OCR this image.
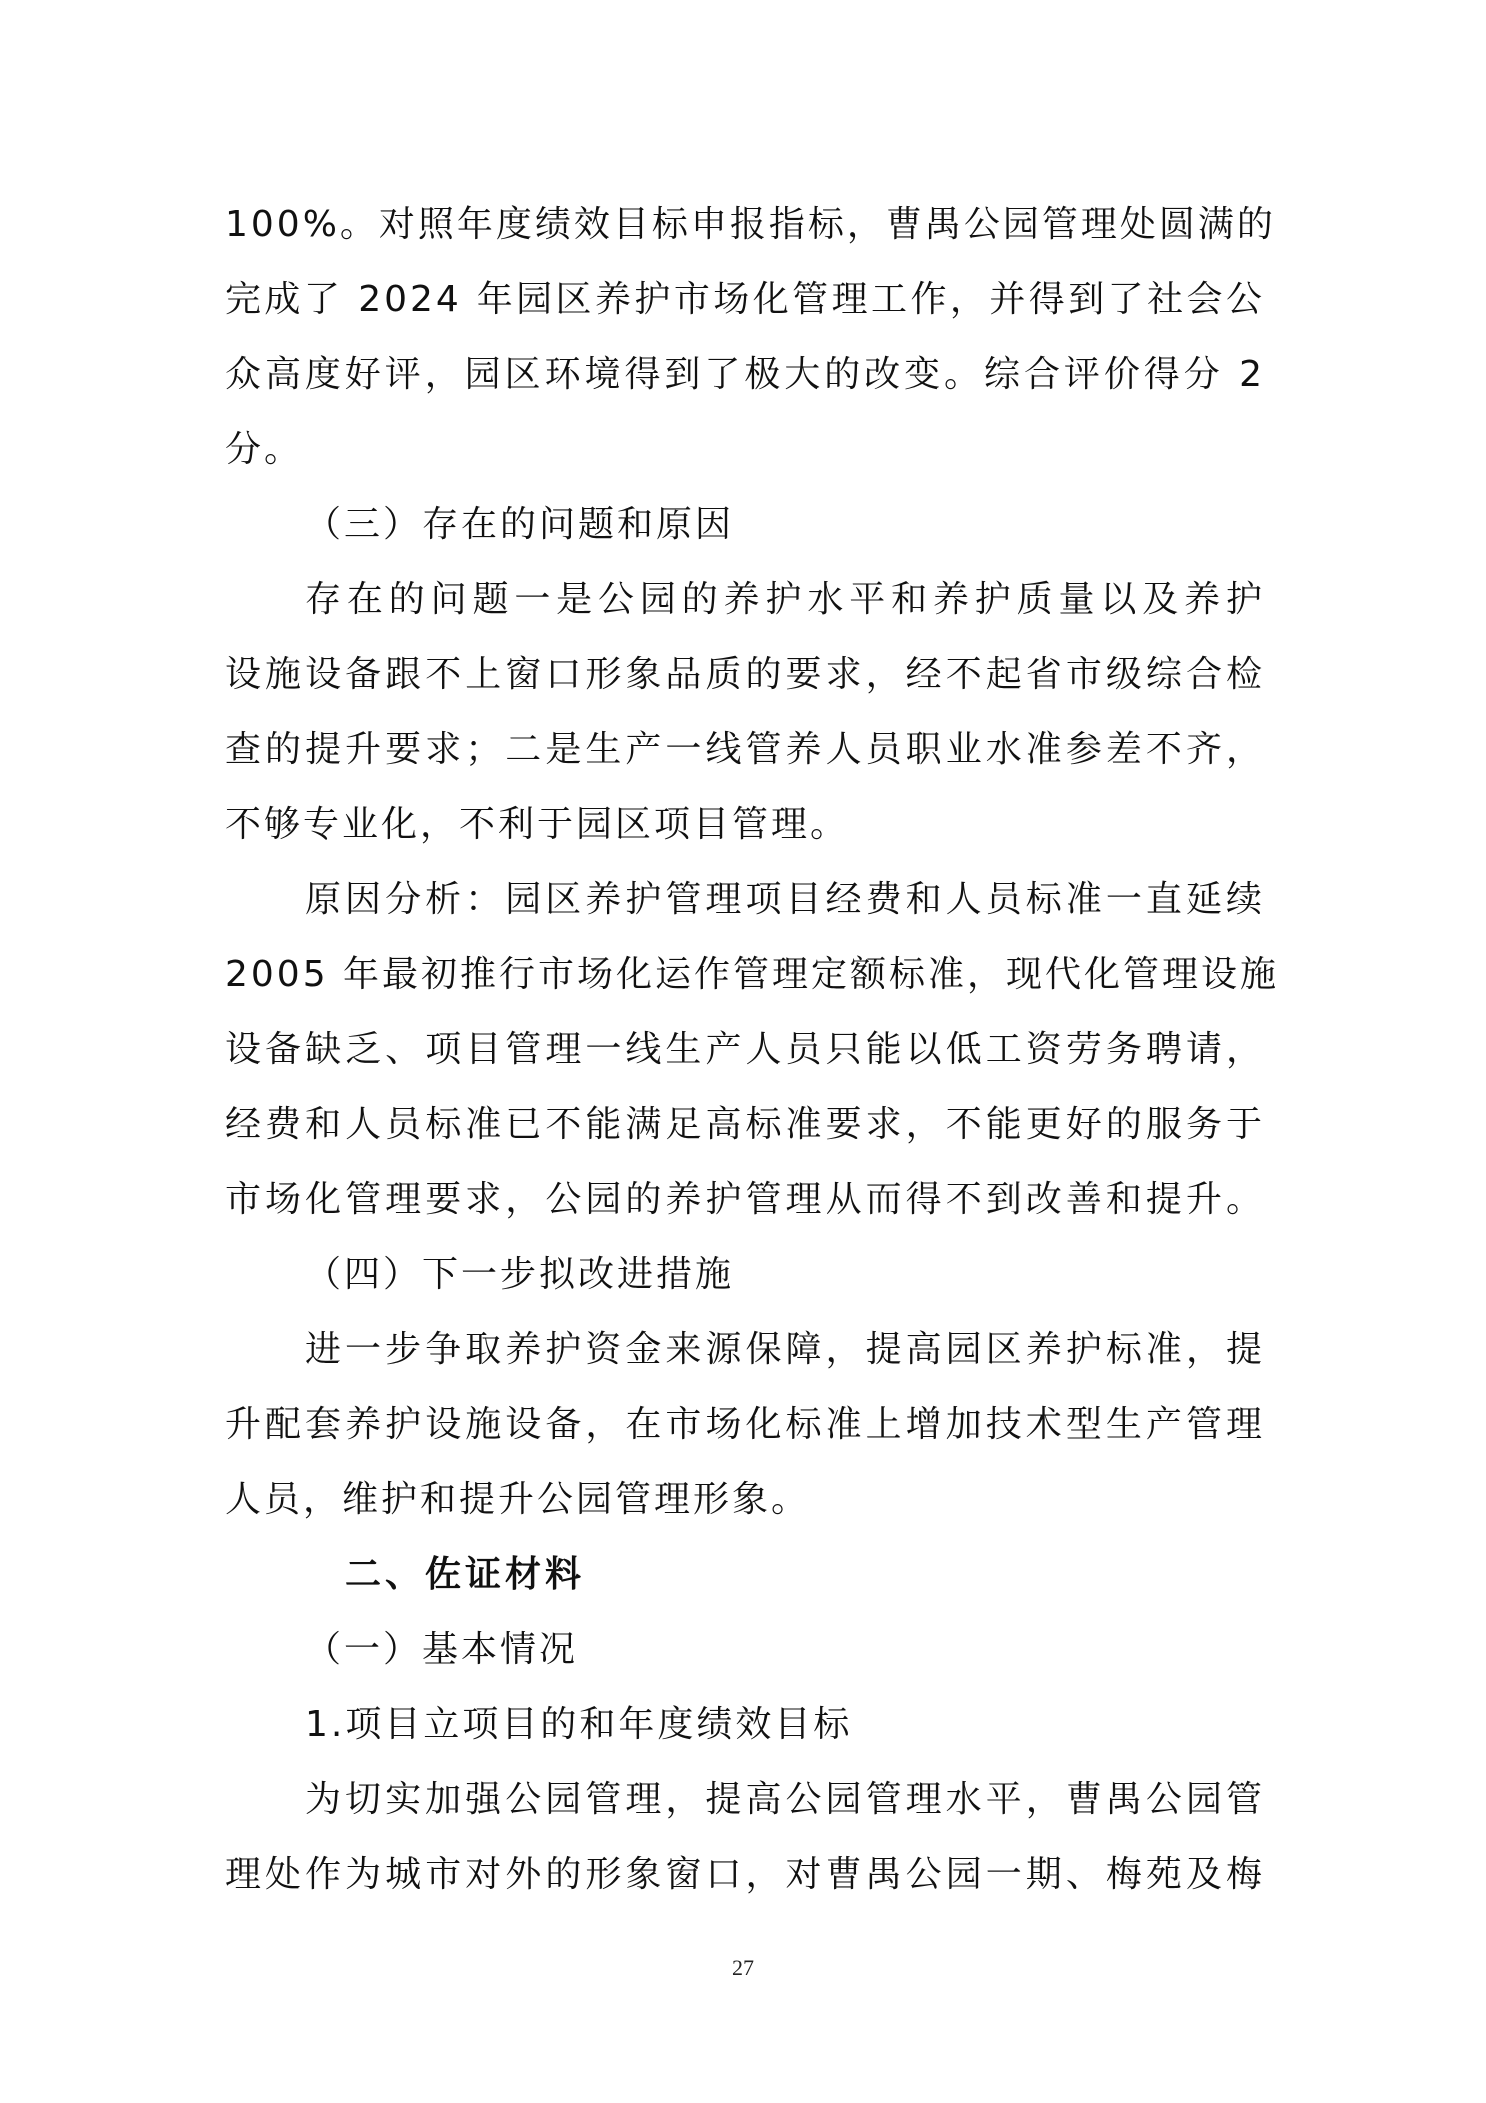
100%。对照年度绩效目标申报指标，曹禺公园管理处圆满的
完成了 2024 年园区养护市场化管理工作，并得到了社会公
众高度好评，园区环境得到了极大的改变。综合评价得分 2
分。
（三）存在的问题和原因
存在的问题一是公园的养护水平和养护质量以及养护
设施设备跟不上窗口形象品质的要求，经不起省市级综合检
查的提升要求；二是生产一线管养人员职业水准参差不齐，
不够专业化，不利于园区项目管理。
原因分析：园区养护管理项目经费和人员标准一直延续
2005 年最初推行市场化运作管理定额标准，现代化管理设施
设备缺乏、项目管理一线生产人员只能以低工资劳务聘请，
经费和人员标准已不能满足高标准要求，不能更好的服务于
市场化管理要求，公园的养护管理从而得不到改善和提升。
（四）下一步拟改进措施
进一步争取养护资金来源保障，提高园区养护标准，提
升配套养护设施设备，在市场化标准上增加技术型生产管理
人员，维护和提升公园管理形象。
二、佐证材料
（一）基本情况
1.项目立项目的和年度绩效目标
为切实加强公园管理，提高公园管理水平，曹禺公园管
理处作为城市对外的形象窗口，对曹禺公园一期、梅苑及梅
27
